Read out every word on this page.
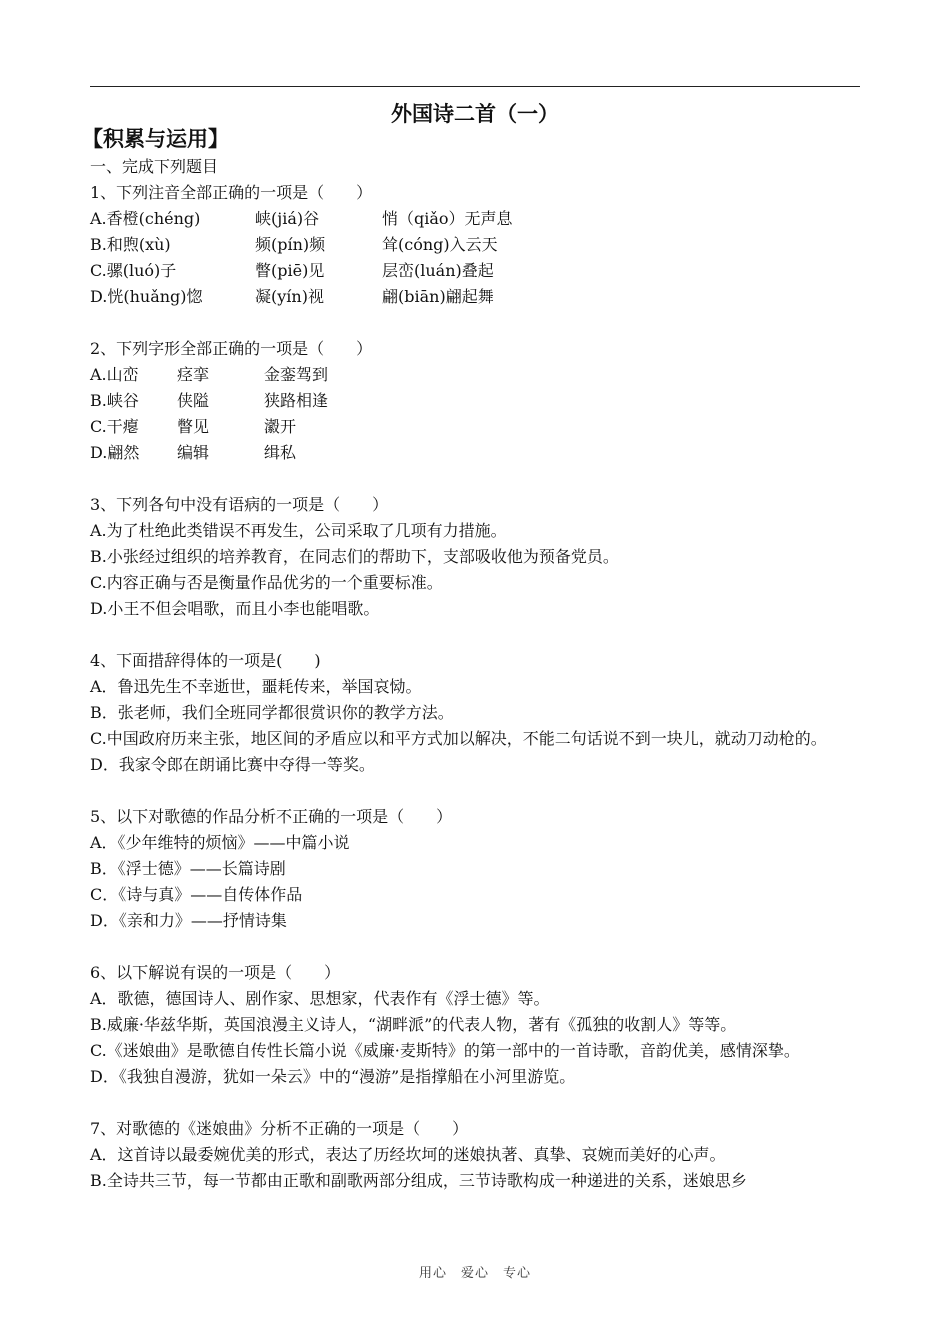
外国诗二首（一）
【积累与运用】
一、完成下列题目
1、下列注音全部正确的一项是（　　）
A.香橙(chéng)	峡(jiá)谷	悄（qiǎo）无声息
B.和煦(xù)	频(pín)频	耸(cóng)入云天
C.骡(luó)子	瞥(piē)见	层峦(luán)叠起
D.恍(huǎng)惚	凝(yín)视	翩(biān)翩起舞
2、下列字形全部正确的一项是（　　）
A.山峦	痉挛	金銮驾到
B.峡谷	侠隘	狭路相逢
C.干瘪	瞥见	瀫开
D.翩然	编辑	缉私
3、下列各句中没有语病的一项是（　　）
A.为了杜绝此类错误不再发生，公司采取了几项有力措施。
B.小张经过组织的培养教育，在同志们的帮助下，支部吸收他为预备党员。
C.内容正确与否是衡量作品优劣的一个重要标准。
D.小王不但会唱歌，而且小李也能唱歌。
4、下面措辞得体的一项是(　　)
A．鲁迅先生不幸逝世，噩耗传来，举国哀恸。
B．张老师，我们全班同学都很赏识你的教学方法。
C.中国政府历来主张，地区间的矛盾应以和平方式加以解决，不能二句话说不到一块儿，就动刀动枪的。
D．我家令郎在朗诵比赛中夺得一等奖。
5、以下对歌德的作品分析不正确的一项是（　　）
A．《少年维特的烦恼》——中篇小说
B．《浮士德》——长篇诗剧
C．《诗与真》——自传体作品
D．《亲和力》——抒情诗集
6、以下解说有误的一项是（　　）
A．歌德，德国诗人、剧作家、思想家，代表作有《浮士德》等。
B.威廉·华兹华斯，英国浪漫主义诗人，“湖畔派”的代表人物，著有《孤独的收割人》等等。
C.《迷娘曲》是歌德自传性长篇小说《威廉·麦斯特》的第一部中的一首诗歌，音韵优美，感情深挚。
D．《我独自漫游，犹如一朵云》中的“漫游”是指撑船在小河里游览。
7、对歌德的《迷娘曲》分析不正确的一项是（　　）
A．这首诗以最委婉优美的形式，表达了历经坎坷的迷娘执著、真挚、哀婉而美好的心声。
B.全诗共三节，每一节都由正歌和副歌两部分组成，三节诗歌构成一种递进的关系，迷娘思乡
用心　爱心　专心
